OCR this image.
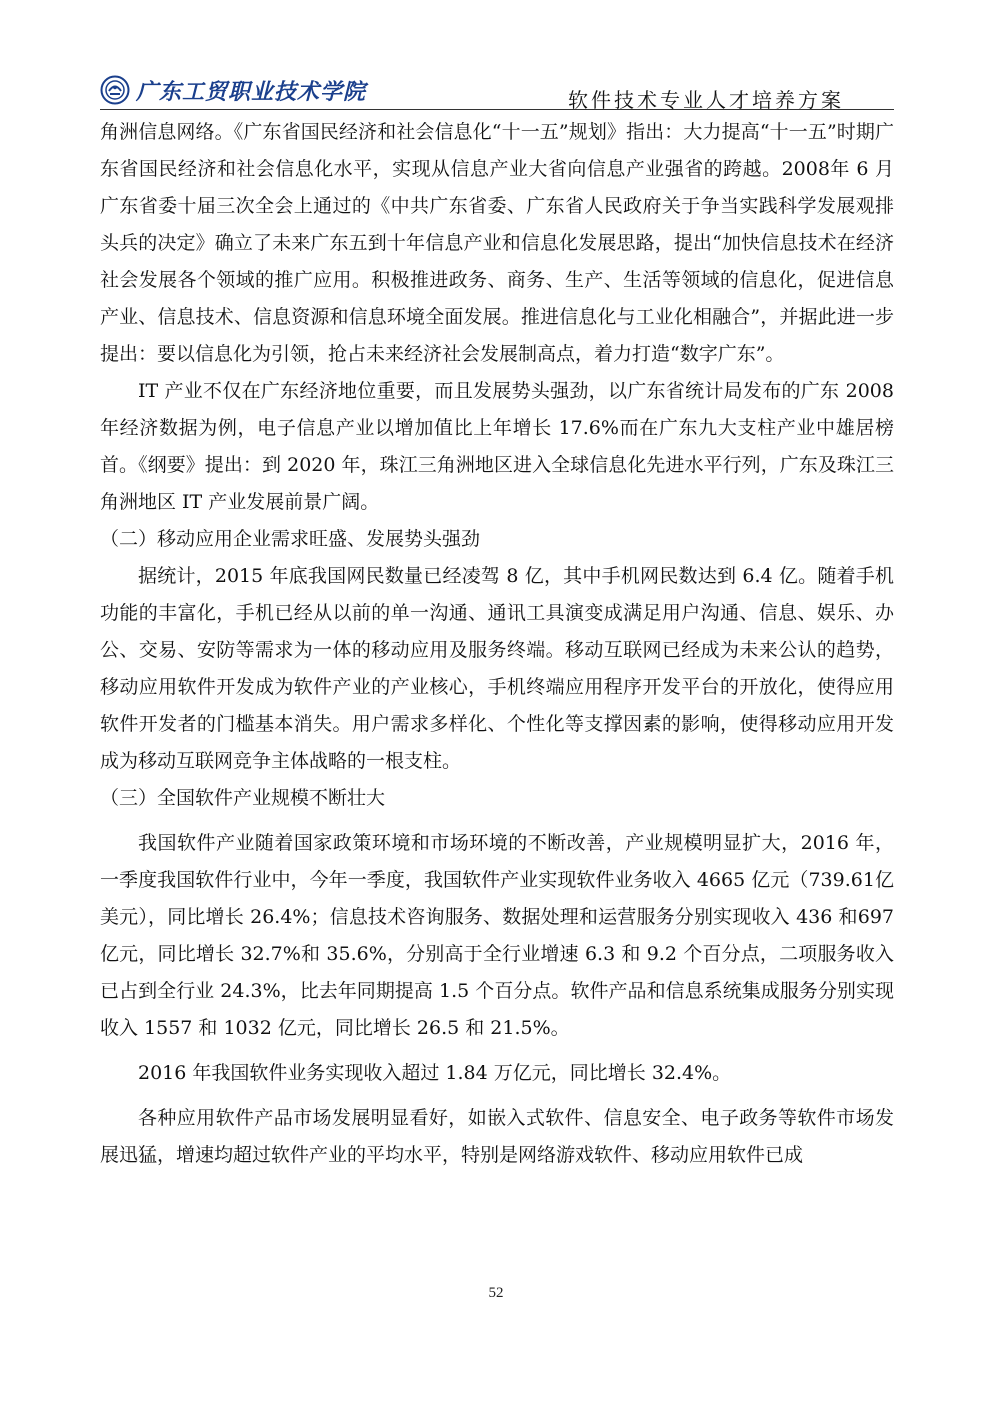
广东工贸职业技术学院	软件技术专业人才培养方案

角洲信息网络。《广东省国民经济和社会信息化“十一五”规划》指出：大力提高“十一五”时期广东省国民经济和社会信息化水平，实现从信息产业大省向信息产业强省的跨越。2008年 6 月广东省委十届三次全会上通过的《中共广东省委、广东省人民政府关于争当实践科学发展观排头兵的决定》确立了未来广东五到十年信息产业和信息化发展思路，提出“加快信息技术在经济社会发展各个领域的推广应用。积极推进政务、商务、生产、生活等领域的信息化，促进信息产业、信息技术、信息资源和信息环境全面发展。推进信息化与工业化相融合”，并据此进一步提出：要以信息化为引领，抢占未来经济社会发展制高点，着力打造“数字广东”。

IT 产业不仅在广东经济地位重要，而且发展势头强劲，以广东省统计局发布的广东 2008年经济数据为例，电子信息产业以增加值比上年增长 17.6%而在广东九大支柱产业中雄居榜首。《纲要》提出：到 2020 年，珠江三角洲地区进入全球信息化先进水平行列，广东及珠江三角洲地区 IT 产业发展前景广阔。

（二）移动应用企业需求旺盛、发展势头强劲

据统计，2015 年底我国网民数量已经凌驾 8 亿，其中手机网民数达到 6.4 亿。随着手机功能的丰富化，手机已经从以前的单一沟通、通讯工具演变成满足用户沟通、信息、娱乐、办公、交易、安防等需求为一体的移动应用及服务终端。移动互联网已经成为未来公认的趋势，移动应用软件开发成为软件产业的产业核心，手机终端应用程序开发平台的开放化，使得应用软件开发者的门槛基本消失。用户需求多样化、个性化等支撑因素的影响，使得移动应用开发成为移动互联网竞争主体战略的一根支柱。

（三）全国软件产业规模不断壮大

我国软件产业随着国家政策环境和市场环境的不断改善，产业规模明显扩大，2016 年，一季度我国软件行业中，今年一季度，我国软件产业实现软件业务收入 4665 亿元（739.61亿美元），同比增长 26.4%；信息技术咨询服务、数据处理和运营服务分别实现收入 436 和697 亿元，同比增长 32.7%和 35.6%，分别高于全行业增速 6.3 和 9.2 个百分点，二项服务收入已占到全行业 24.3%，比去年同期提高 1.5 个百分点。软件产品和信息系统集成服务分别实现收入 1557 和 1032 亿元，同比增长 26.5 和 21.5%。

2016 年我国软件业务实现收入超过 1.84 万亿元，同比增长 32.4%。

各种应用软件产品市场发展明显看好，如嵌入式软件、信息安全、电子政务等软件市场发展迅猛，增速均超过软件产业的平均水平，特别是网络游戏软件、移动应用软件已成

52
